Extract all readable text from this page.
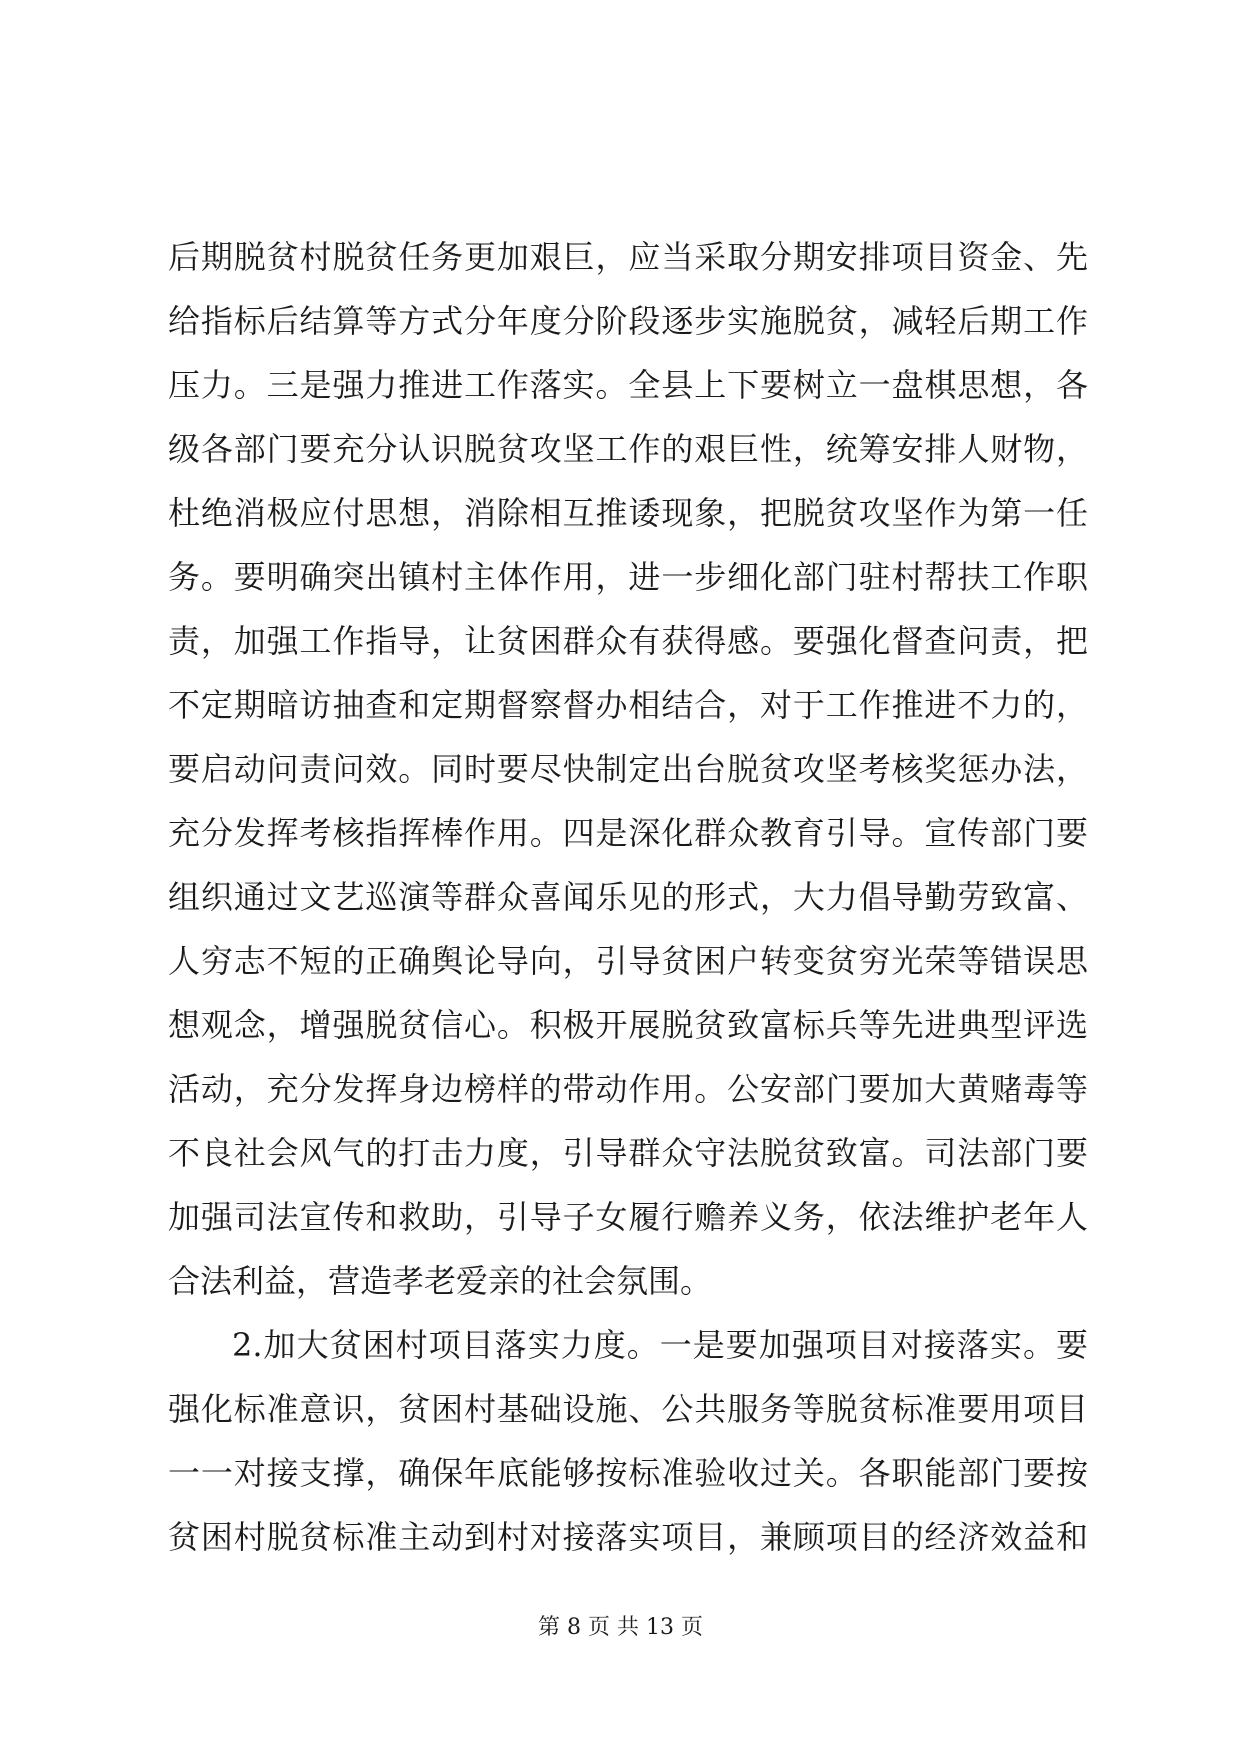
后期脱贫村脱贫任务更加艰巨，应当采取分期安排项目资金、先
给指标后结算等方式分年度分阶段逐步实施脱贫，减轻后期工作
压力。三是强力推进工作落实。全县上下要树立一盘棋思想，各
级各部门要充分认识脱贫攻坚工作的艰巨性，统筹安排人财物，
杜绝消极应付思想，消除相互推诿现象，把脱贫攻坚作为第一任
务。要明确突出镇村主体作用，进一步细化部门驻村帮扶工作职
责，加强工作指导，让贫困群众有获得感。要强化督查问责，把
不定期暗访抽查和定期督察督办相结合，对于工作推进不力的，
要启动问责问效。同时要尽快制定出台脱贫攻坚考核奖惩办法，
充分发挥考核指挥棒作用。四是深化群众教育引导。宣传部门要
组织通过文艺巡演等群众喜闻乐见的形式，大力倡导勤劳致富、
人穷志不短的正确舆论导向，引导贫困户转变贫穷光荣等错误思
想观念，增强脱贫信心。积极开展脱贫致富标兵等先进典型评选
活动，充分发挥身边榜样的带动作用。公安部门要加大黄赌毒等
不良社会风气的打击力度，引导群众守法脱贫致富。司法部门要
加强司法宣传和救助，引导子女履行赡养义务，依法维护老年人
合法利益，营造孝老爱亲的社会氛围。
2.加大贫困村项目落实力度。一是要加强项目对接落实。要
强化标准意识，贫困村基础设施、公共服务等脱贫标准要用项目
一一对接支撑，确保年底能够按标准验收过关。各职能部门要按
贫困村脱贫标准主动到村对接落实项目，兼顾项目的经济效益和
第 8 页 共 13 页
